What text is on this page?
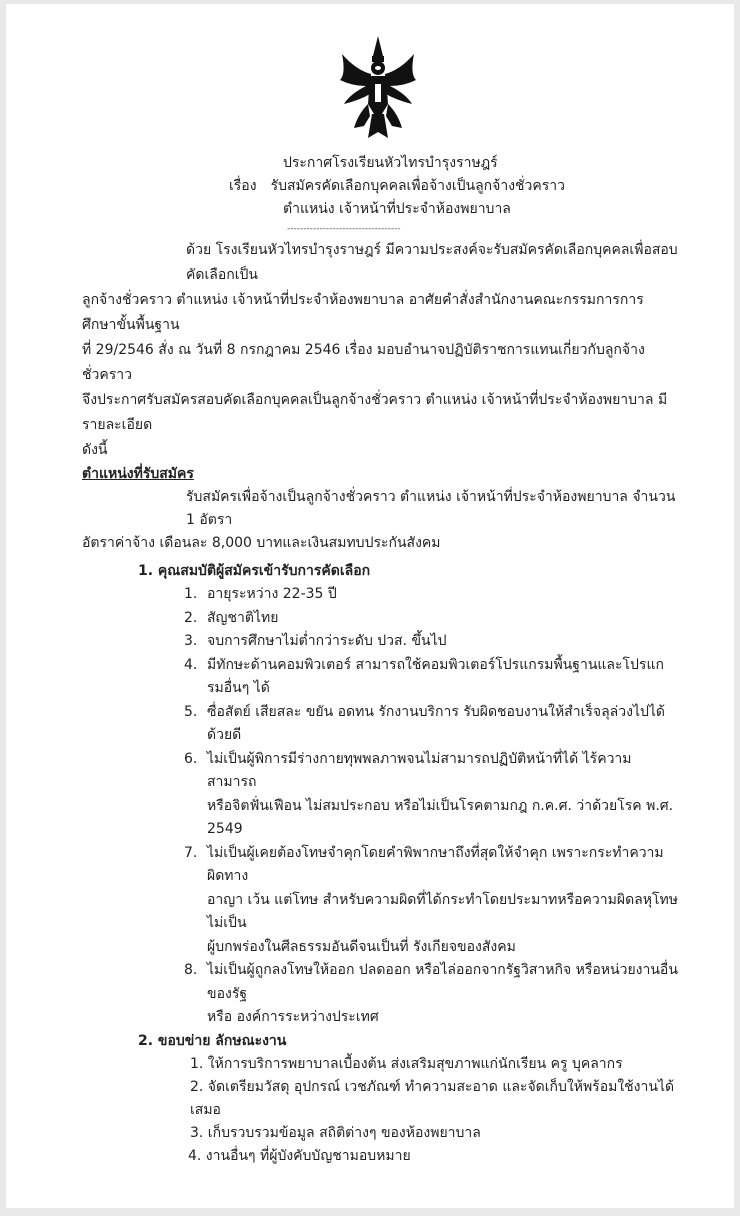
ประกาศโรงเรียนหัวไทรบำรุงราษฎร์
เรื่อง รับสมัครคัดเลือกบุคคลเพื่อจ้างเป็นลูกจ้างชั่วคราว
ตำแหน่ง เจ้าหน้าที่ประจำห้องพยาบาล
-----------------------------------
ด้วย โรงเรียนหัวไทรบำรุงราษฎร์ มีความประสงค์จะรับสมัครคัดเลือกบุคคลเพื่อสอบคัดเลือกเป็น
ลูกจ้างชั่วคราว ตำแหน่ง เจ้าหน้าที่ประจำห้องพยาบาล อาศัยคำสั่งสำนักงานคณะกรรมการการศึกษาขั้นพื้นฐาน
ที่ 29/2546 สั่ง ณ วันที่ 8 กรกฎาคม 2546 เรื่อง มอบอำนาจปฏิบัติราชการแทนเกี่ยวกับลูกจ้างชั่วคราว
จึงประกาศรับสมัครสอบคัดเลือกบุคคลเป็นลูกจ้างชั่วคราว ตำแหน่ง เจ้าหน้าที่ประจำห้องพยาบาล มีรายละเอียด
ดังนี้
ตำแหน่งที่รับสมัคร
รับสมัครเพื่อจ้างเป็นลูกจ้างชั่วคราว ตำแหน่ง เจ้าหน้าที่ประจำห้องพยาบาล จำนวน 1 อัตรา
อัตราค่าจ้าง เดือนละ 8,000 บาทและเงินสมทบประกันสังคม
1. คุณสมบัติผู้สมัครเข้ารับการคัดเลือก
1. อายุระหว่าง 22-35 ปี
2. สัญชาติไทย
3. จบการศึกษาไม่ต่ำกว่าระดับ ปวส. ขึ้นไป
4. มีทักษะด้านคอมพิวเตอร์ สามารถใช้คอมพิวเตอร์โปรแกรมพื้นฐานและโปรแกรมอื่นๆ ได้
5. ซื่อสัตย์ เสียสละ ขยัน อดทน รักงานบริการ รับผิดชอบงานให้สำเร็จลุล่วงไปได้ด้วยดี
6. ไม่เป็นผู้พิการมีร่างกายทุพพลภาพจนไม่สามารถปฏิบัติหน้าที่ได้ ไร้ความสามารถ
หรือจิตฟั่นเฟือน ไม่สมประกอบ หรือไม่เป็นโรคตามกฎ ก.ค.ศ. ว่าด้วยโรค พ.ศ. 2549
7. ไม่เป็นผู้เคยต้องโทษจำคุกโดยคำพิพากษาถึงที่สุดให้จำคุก เพราะกระทำความผิดทาง
อาญา เว้น แต่โทษ สำหรับความผิดที่ได้กระทำโดยประมาทหรือความผิดลหุโทษ ไม่เป็น
ผู้บกพร่องในศีลธรรมอันดีจนเป็นที่ รังเกียจของสังคม
8. ไม่เป็นผู้ถูกลงโทษให้ออก ปลดออก หรือไล่ออกจากรัฐวิสาหกิจ หรือหน่วยงานอื่นของรัฐ
หรือ องค์การระหว่างประเทศ
2. ขอบข่าย ลักษณะงาน
1. ให้การบริการพยาบาลเบื้องต้น ส่งเสริมสุขภาพแก่นักเรียน ครู บุคลากร
2. จัดเตรียมวัสดุ อุปกรณ์ เวชภัณฑ์ ทำความสะอาด และจัดเก็บให้พร้อมใช้งานได้เสมอ
3. เก็บรวบรวมข้อมูล สถิติต่างๆ ของห้องพยาบาล
4. งานอื่นๆ ที่ผู้บังคับบัญชามอบหมาย
